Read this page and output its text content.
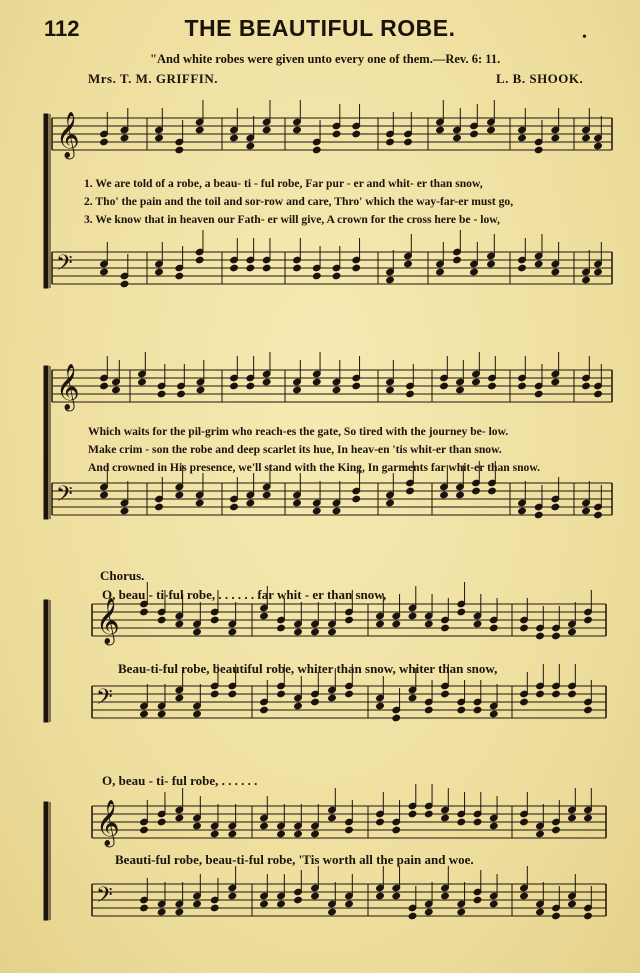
𝄞
𝄢
𝄞
𝄢
𝄞
𝄢
𝄞
𝄢
112	THE BEAUTIFUL ROBE.	•
"And white robes were given unto every one of them.—Rev. 6: 11.
Mrs. T. M. GRIFFIN.	L. B. SHOOK.
1. We are told of a robe, a beau- ti - ful robe, Far pur - er and whit- er than snow,
2. Tho' the pain and the toil and sor-row and care, Thro' which the way-far-er must go,
3. We know that in heaven our Fath- er will give, A crown for the cross here be - low,
Which waits for the pil-grim who reach-es the gate, So tired with the journey be- low.
Make crim - son the robe and deep scarlet its hue, In heav-en 'tis whit-er than snow.
And crowned in His presence, we'll stand with the King, In garments far whit-er than snow.
Chorus.
O, beau - ti-ful robe, . . . . . . far whit - er than snow,
Beau-ti-ful robe, beautiful robe, whiter than snow, whiter than snow,
O, beau - ti- ful robe, . . . . . .
Beauti-ful robe, beau-ti-ful robe, 'Tis worth all the pain and woe.
